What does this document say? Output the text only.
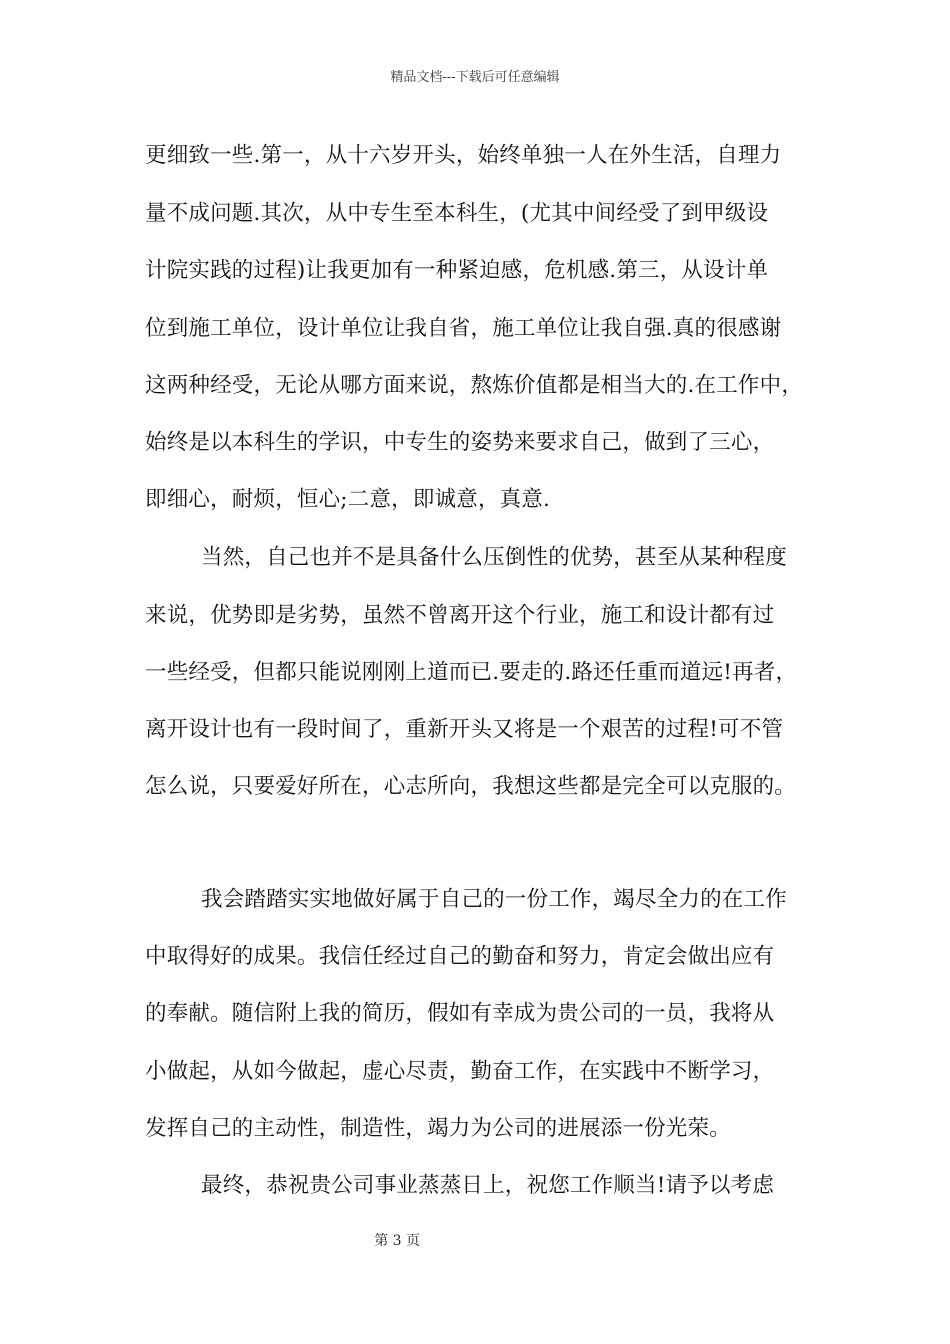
精品文档---下载后可任意编辑
更细致一些.第一，从十六岁开头，始终单独一人在外生活，自理力
量不成问题.其次，从中专生至本科生，(尤其中间经受了到甲级设
计院实践的过程)让我更加有一种紧迫感，危机感.第三，从设计单
位到施工单位，设计单位让我自省，施工单位让我自强.真的很感谢
这两种经受，无论从哪方面来说，熬炼价值都是相当大的.在工作中，
始终是以本科生的学识，中专生的姿势来要求自己，做到了三心，
即细心，耐烦，恒心;二意，即诚意，真意.
当然，自己也并不是具备什么压倒性的优势，甚至从某种程度
来说，优势即是劣势，虽然不曾离开这个行业，施工和设计都有过
一些经受，但都只能说刚刚上道而已.要走的.路还任重而道远!再者，
离开设计也有一段时间了，重新开头又将是一个艰苦的过程!可不管
怎么说，只要爱好所在，心志所向，我想这些都是完全可以克服的。
我会踏踏实实地做好属于自己的一份工作，竭尽全力的在工作
中取得好的成果。我信任经过自己的勤奋和努力，肯定会做出应有
的奉献。随信附上我的简历，假如有幸成为贵公司的一员，我将从
小做起，从如今做起，虚心尽责，勤奋工作，在实践中不断学习，
发挥自己的主动性，制造性，竭力为公司的进展添一份光荣。
最终，恭祝贵公司事业蒸蒸日上，祝您工作顺当!请予以考虑
第 3 页
